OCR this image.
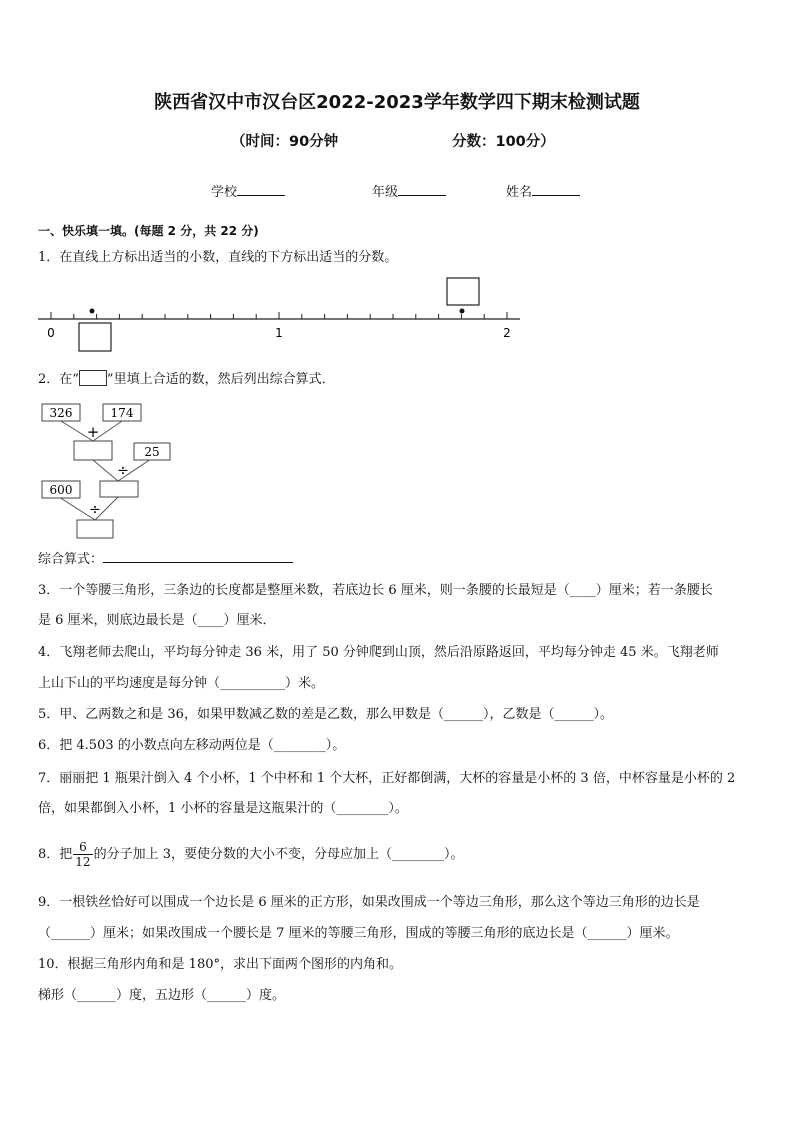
陕西省汉中市汉台区2022-2023学年数学四下期末检测试题
（时间：90分钟	分数：100分）
学校	年级	姓名
一、快乐填一填。(每题 2 分，共 22 分)
1．在直线上方标出适当的小数，直线的下方标出适当的分数。
0	1	2
2．在“ ”里填上合适的数，然后列出综合算式．
326	174
25
600
+
÷
÷
综合算式：
3．一个等腰三角形，三条边的长度都是整厘米数，若底边长 6 厘米，则一条腰的长最短是（____）厘米；若一条腰长
是 6 厘米，则底边最长是（____）厘米．
4．飞翔老师去爬山，平均每分钟走 36 米，用了 50 分钟爬到山顶，然后沿原路返回，平均每分钟走 45 米。飞翔老师
上山下山的平均速度是每分钟（__________）米。
5．甲、乙两数之和是 36，如果甲数减乙数的差是乙数，那么甲数是（______），乙数是（______）。
6．把 4.503 的小数点向左移动两位是（________）。
7．丽丽把 1 瓶果汁倒入 4 个小杯，1 个中杯和 1 个大杯，正好都倒满，大杯的容量是小杯的 3 倍，中杯容量是小杯的 2
倍，如果都倒入小杯，1 小杯的容量是这瓶果汁的（________）。
8．把 $\frac{6}{12}$ 的分子加上 3，要使分数的大小不变，分母应加上（________）。
9．一根铁丝恰好可以围成一个边长是 6 厘米的正方形，如果改围成一个等边三角形，那么这个等边三角形的边长是
（______）厘米；如果改围成一个腰长是 7 厘米的等腰三角形，围成的等腰三角形的底边长是（______）厘米。
10．根据三角形内角和是 180°，求出下面两个图形的内角和。
梯形（______）度，五边形（______）度。
